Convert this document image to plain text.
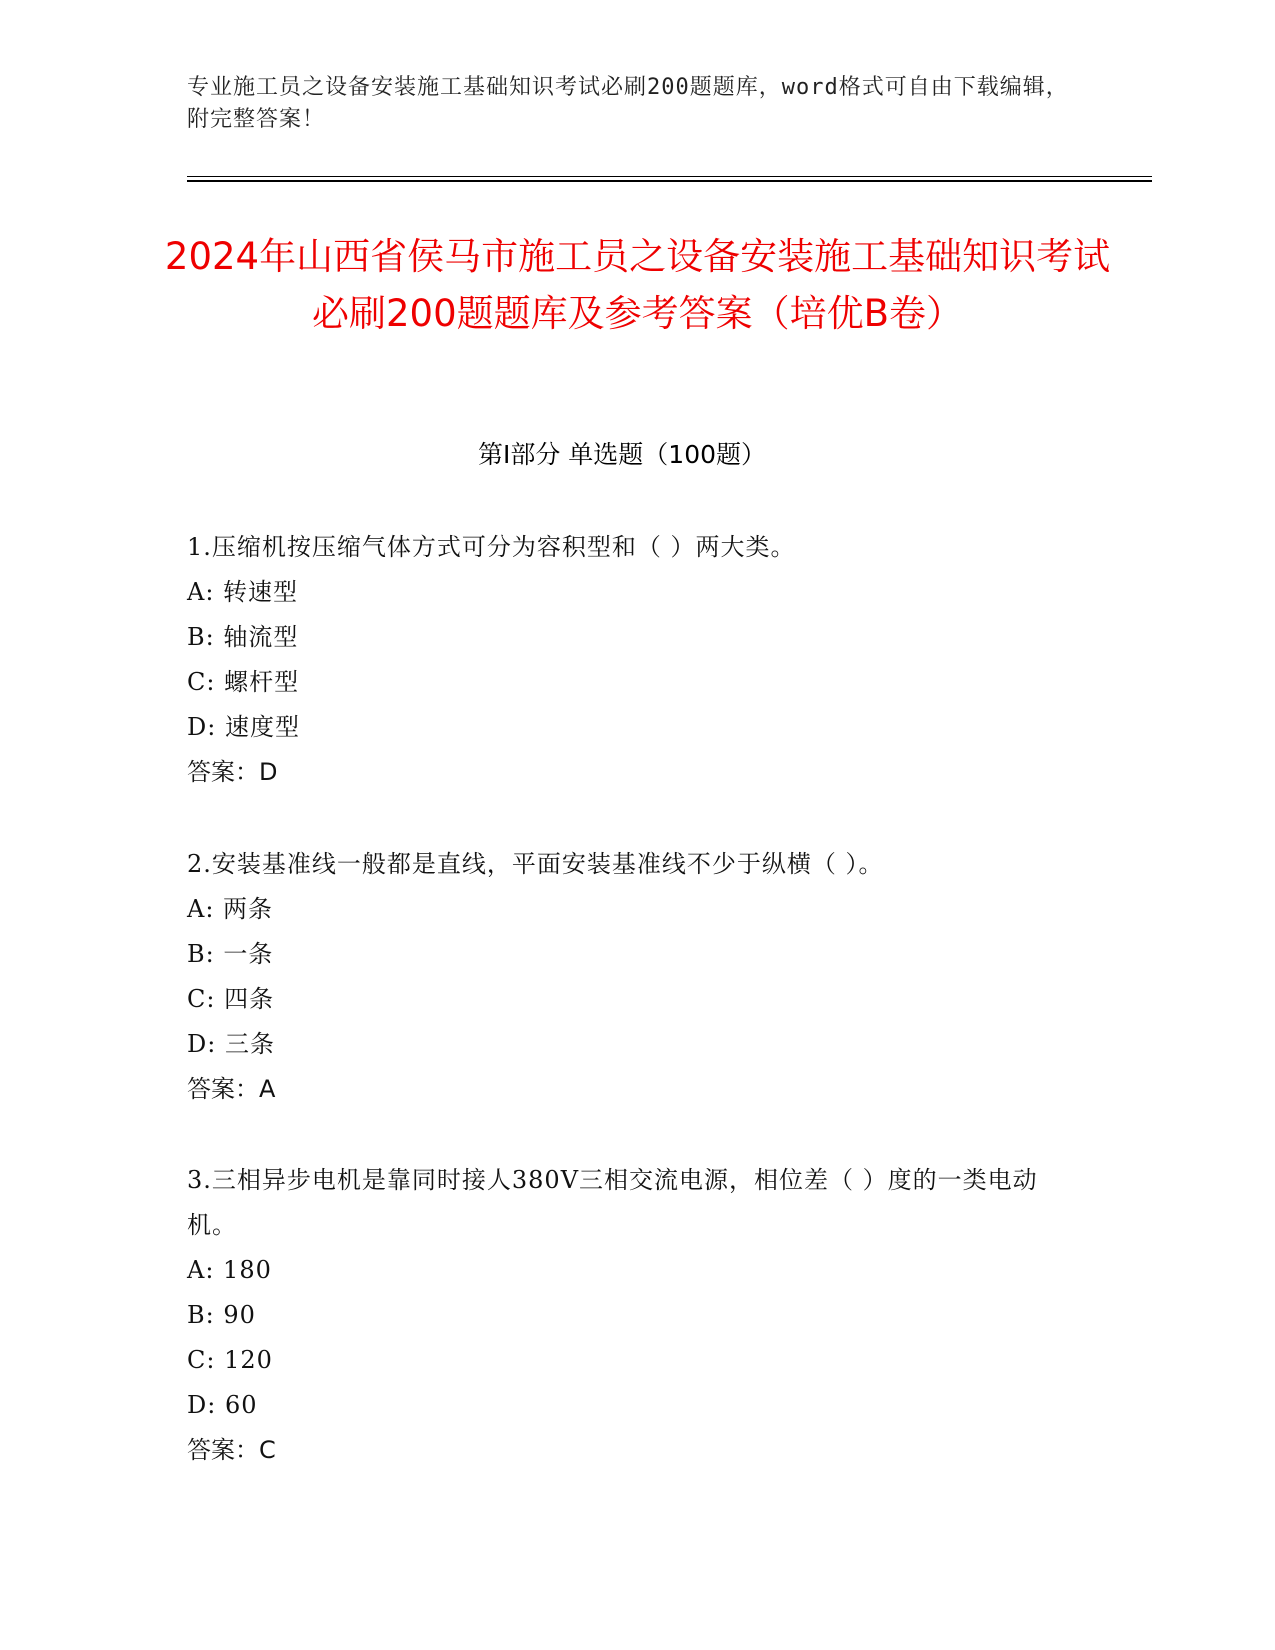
专业施工员之设备安装施工基础知识考试必刷200题题库，word格式可自由下载编辑，附完整答案！

2024年山西省侯马市施工员之设备安装施工基础知识考试必刷200题题库及参考答案（培优B卷）
第Ⅰ部分 单选题（100题）

1.压缩机按压缩气体方式可分为容积型和（ ）两大类。

A: 转速型

B: 轴流型

C: 螺杆型

D: 速度型

答案：D

2.安装基准线一般都是直线，平面安装基准线不少于纵横（ ）。

A: 两条

B: 一条

C: 四条

D: 三条

答案：A

3.三相异步电机是靠同时接人380V三相交流电源，相位差（ ）度的一类电动机。

A: 180

B: 90

C: 120

D: 60

答案：C
